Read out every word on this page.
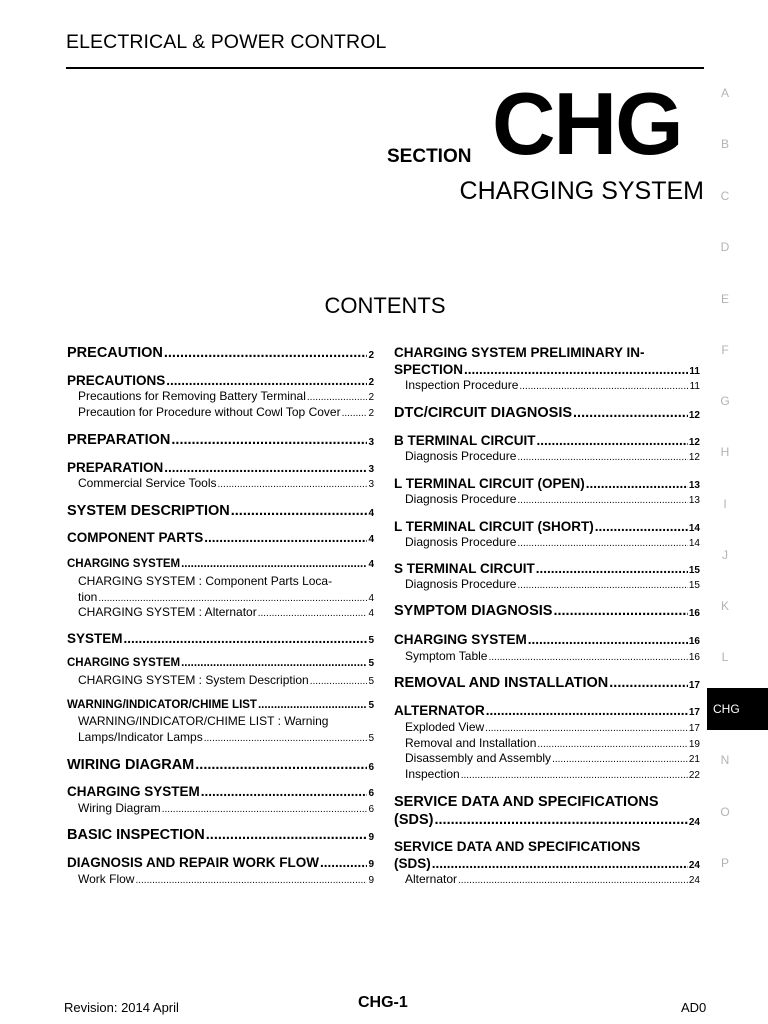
ELECTRICAL & POWER CONTROL
SECTION CHG
CHARGING SYSTEM
CONTENTS
A
B
C
D
E
F
G
H
I
J
K
L
CHG
N
O
P
PRECAUTION .....	2
PRECAUTIONS .....	2
Precautions for Removing Battery Terminal .....	2
Precaution for Procedure without Cowl Top Cover .....	2
PREPARATION .....	3
PREPARATION .....	3
Commercial Service Tools .....	3
SYSTEM DESCRIPTION .....	4
COMPONENT PARTS .....	4
CHARGING SYSTEM .....	4
CHARGING SYSTEM : Component Parts Loca-
tion .....	4
CHARGING SYSTEM : Alternator .....	4
SYSTEM .....	5
CHARGING SYSTEM .....	5
CHARGING SYSTEM : System Description .....	5
WARNING/INDICATOR/CHIME LIST .....	5
WARNING/INDICATOR/CHIME LIST : Warning
Lamps/Indicator Lamps .....	5
WIRING DIAGRAM .....	6
CHARGING SYSTEM .....	6
Wiring Diagram .....	6
BASIC INSPECTION .....	9
DIAGNOSIS AND REPAIR WORK FLOW .....	9
Work Flow .....	9
CHARGING SYSTEM PRELIMINARY IN-
SPECTION .....	11
Inspection Procedure .....	11
DTC/CIRCUIT DIAGNOSIS .....	12
B TERMINAL CIRCUIT .....	12
Diagnosis Procedure .....	12
L TERMINAL CIRCUIT (OPEN) .....	13
Diagnosis Procedure .....	13
L TERMINAL CIRCUIT (SHORT) .....	14
Diagnosis Procedure .....	14
S TERMINAL CIRCUIT .....	15
Diagnosis Procedure .....	15
SYMPTOM DIAGNOSIS .....	16
CHARGING SYSTEM .....	16
Symptom Table .....	16
REMOVAL AND INSTALLATION .....	17
ALTERNATOR .....	17
Exploded View .....	17
Removal and Installation .....	19
Disassembly and Assembly .....	21
Inspection .....	22
SERVICE DATA AND SPECIFICATIONS
(SDS) .....	24
SERVICE DATA AND SPECIFICATIONS
(SDS) .....	24
Alternator .....	24
Revision: 2014 April	CHG-1	AD0
